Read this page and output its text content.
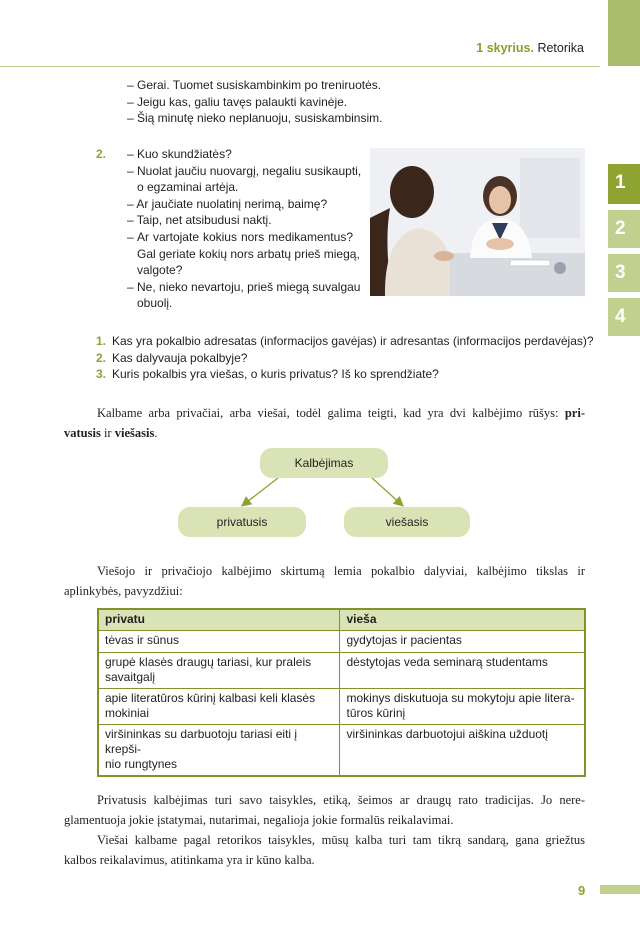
1 skyrius. Retorika
1
2
3
4
– Gerai. Tuomet susiskambinkim po treniruotės.
– Jeigu kas, galiu tavęs palaukti kavinėje.
– Šią minutę nieko neplanuoju, susiskambinsim.
2. – Kuo skundžiatės?
– Nuolat jaučiu nuovargį, negaliu susikaupti,
o egzaminai artėja.
– Ar jaučiate nuolatinį nerimą, baimę?
– Taip, net atsibudusi naktį.
– Ar vartojate kokius nors medikamentus?
Gal geriate kokių nors arbatų prieš miegą,
valgote?
– Ne, nieko nevartoju, prieš miegą suvalgau
obuolį.
1. Kas yra pokalbio adresatas (informacijos gavėjas) ir adresantas (informacijos perdavėjas)?
2. Kas dalyvauja pokalbyje?
3. Kuris pokalbis yra viešas, o kuris privatus? Iš ko sprendžiate?
Kalbame arba privačiai, arba viešai, todėl galima teigti, kad yra dvi kalbėjimo rūšys: pri-
vatusis ir viešasis.
Kalbėjimas
privatusis	viešasis
Viešojo ir privačiojo kalbėjimo skirtumą lemia pokalbio dalyviai, kalbėjimo tikslas ir
aplinkybės, pavyzdžiui:
privatu	vieša
tėvas ir sūnus	gydytojas ir pacientas
grupė klasės draugų tariasi, kur praleis savaitgalį	dėstytojas veda seminarą studentams
apie literatūros kūrinį kalbasi keli klasės mokiniai	mokinys diskutuoja su mokytoju apie litera-
tūros kūrinį
viršininkas su darbuotoju tariasi eiti į krepši-
nio rungtynes	viršininkas darbuotojui aiškina užduotį
Privatusis kalbėjimas turi savo taisykles, etiką, šeimos ar draugų rato tradicijas. Jo nere-
glamentuoja jokie įstatymai, nutarimai, negalioja jokie formalūs reikalavimai.
Viešai kalbame pagal retorikos taisykles, mūsų kalba turi tam tikrą sandarą, gana griežtus
kalbos reikalavimus, atitinkama yra ir kūno kalba.
9
